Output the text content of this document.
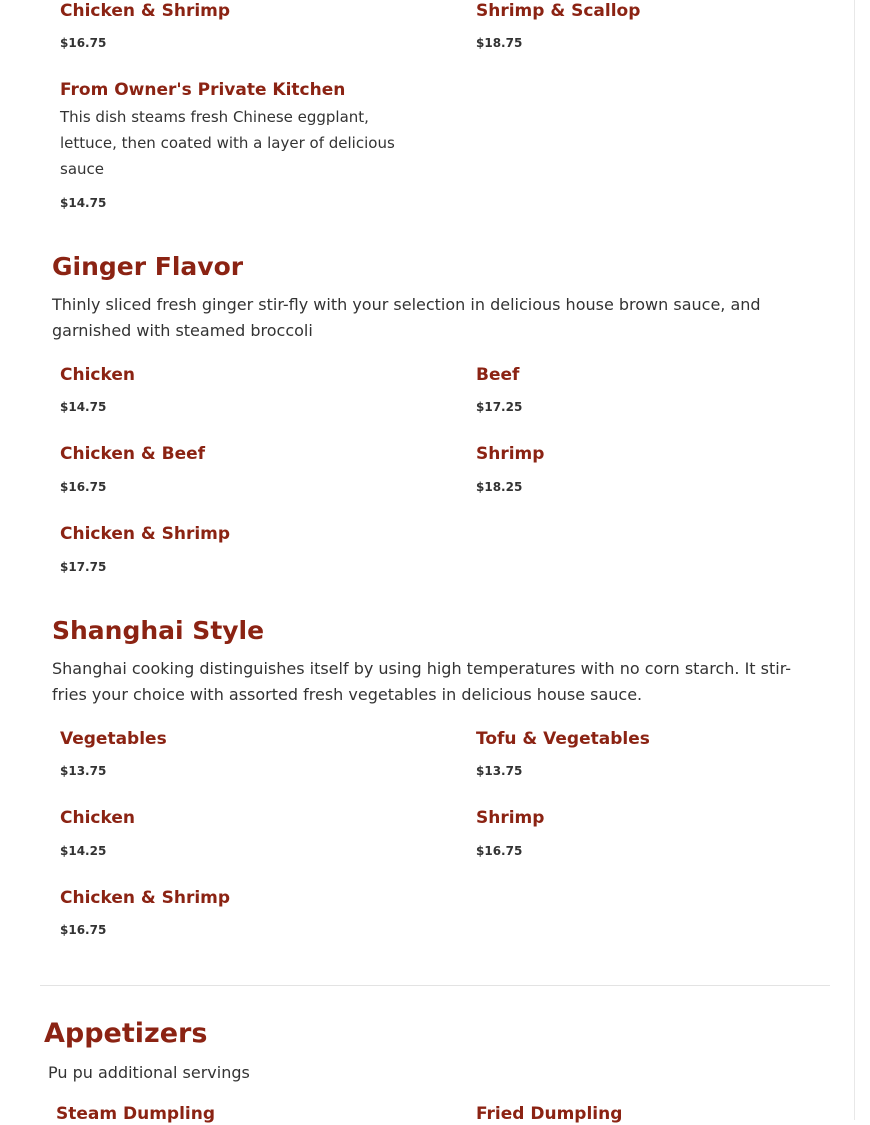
Chicken & Shrimp
$16.75
Shrimp & Scallop
$18.75
From Owner's Private Kitchen
This dish steams fresh Chinese eggplant, lettuce, then coated with a layer of delicious sauce
$14.75
Ginger Flavor
Thinly sliced fresh ginger stir-fly with your selection in delicious house brown sauce, and garnished with steamed broccoli
Chicken
$14.75
Beef
$17.25
Chicken & Beef
$16.75
Shrimp
$18.25
Chicken & Shrimp
$17.75
Shanghai Style
Shanghai cooking distinguishes itself by using high temperatures with no corn starch. It stir-fries your choice with assorted fresh vegetables in delicious house sauce.
Vegetables
$13.75
Tofu & Vegetables
$13.75
Chicken
$14.25
Shrimp
$16.75
Chicken & Shrimp
$16.75
Appetizers
Pu pu additional servings
Steam Dumpling	Fried Dumpling
